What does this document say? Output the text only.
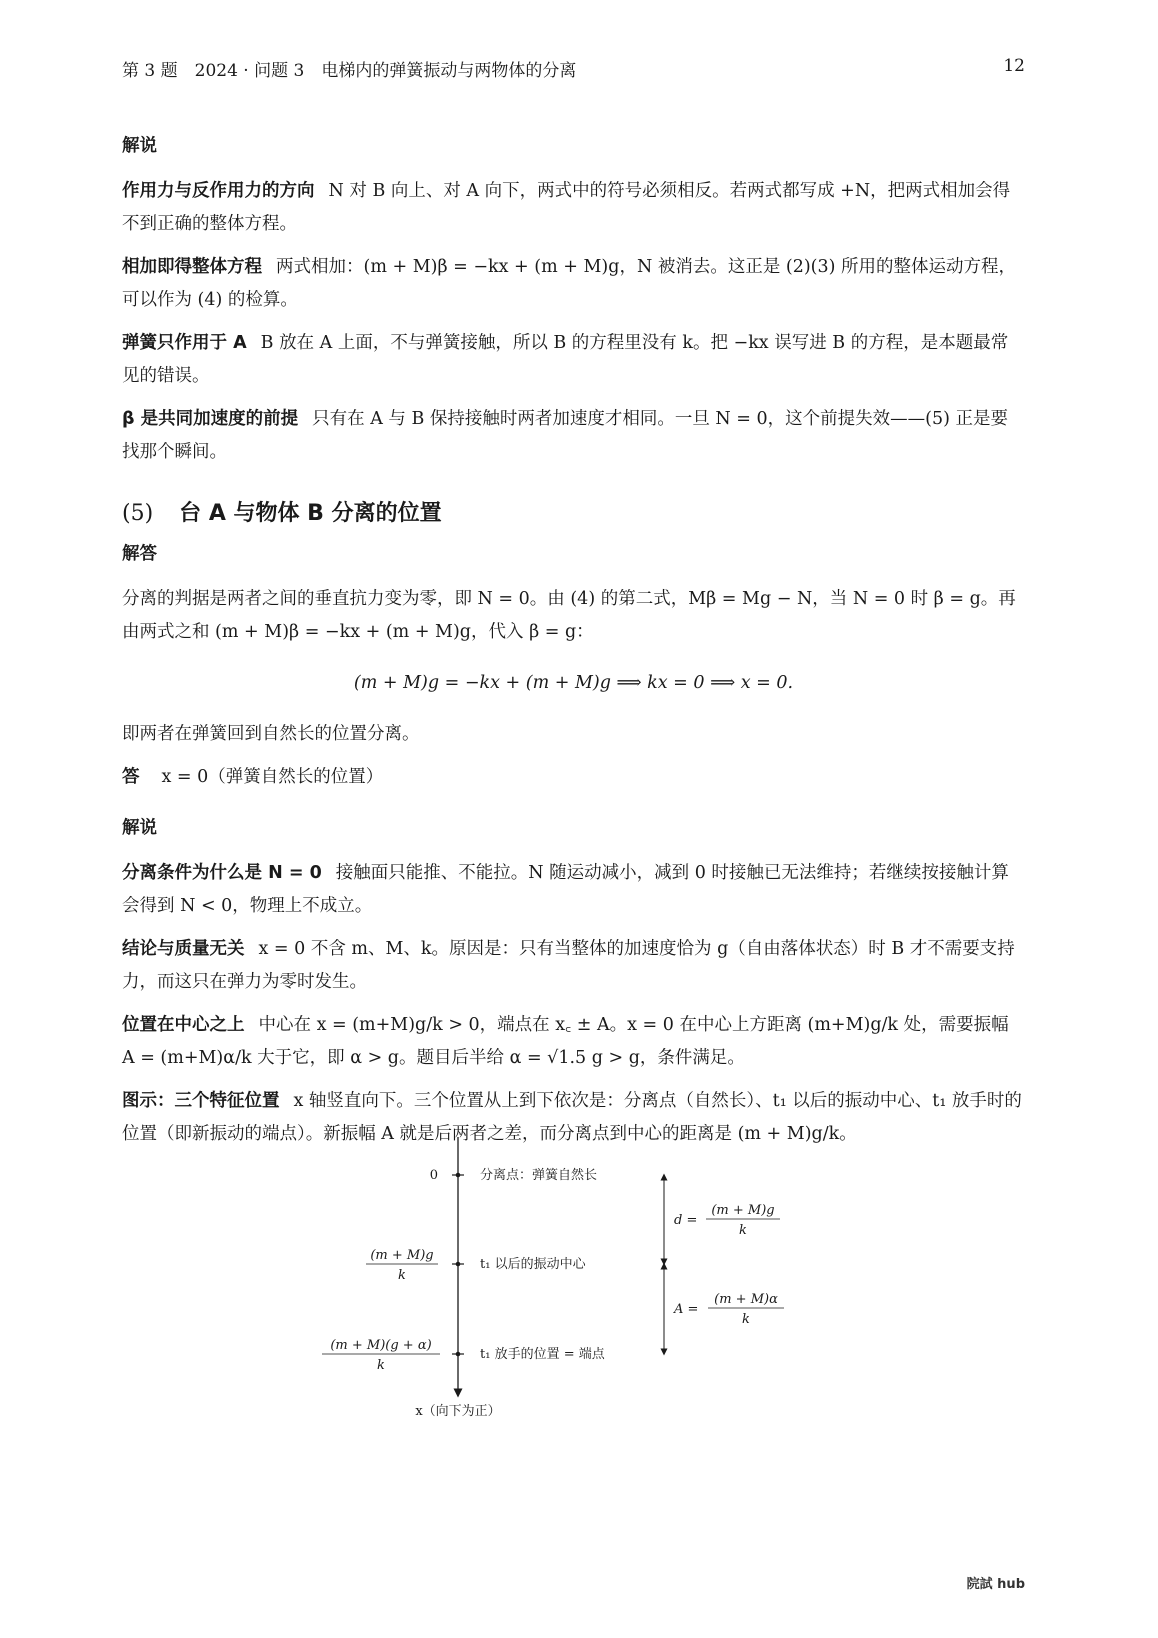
第 3 题　2024 · 问题 3　电梯内的弹簧振动与两物体的分离	12
解说

作用力与反作用力的方向 N 对 B 向上、对 A 向下，两式中的符号必须相反。若两式都写成 +N，把两式相加会得不到正确的整体方程。

相加即得整体方程 两式相加：(m + M)β = −kx + (m + M)g，N 被消去。这正是 (2)(3) 所用的整体运动方程，可以作为 (4) 的检算。

弹簧只作用于 A B 放在 A 上面，不与弹簧接触，所以 B 的方程里没有 k。把 −kx 误写进 B 的方程，是本题最常见的错误。

β 是共同加速度的前提 只有在 A 与 B 保持接触时两者加速度才相同。一旦 N = 0，这个前提失效——(5) 正是要找那个瞬间。

(5) 台 A 与物体 B 分离的位置
解答

分离的判据是两者之间的垂直抗力变为零，即 N = 0。由 (4) 的第二式，Mβ = Mg − N，当 N = 0 时 β = g。再由两式之和 (m + M)β = −kx + (m + M)g，代入 β = g：

(m + M)g = −kx + (m + M)g ⟹ kx = 0 ⟹ x = 0.

即两者在弹簧回到自然长的位置分离。

答 x = 0（弹簧自然长的位置）
解说

分离条件为什么是 N = 0 接触面只能推、不能拉。N 随运动减小，减到 0 时接触已无法维持；若继续按接触计算会得到 N < 0，物理上不成立。

结论与质量无关 x = 0 不含 m、M、k。原因是：只有当整体的加速度恰为 g（自由落体状态）时 B 才不需要支持力，而这只在弹力为零时发生。

位置在中心之上 中心在 x = (m+M)g/k > 0，端点在 x꜀ ± A。x = 0 在中心上方距离 (m+M)g/k 处，需要振幅 A = (m+M)α/k 大于它，即 α > g。题目后半给 α = √1.5 g > g，条件满足。

图示：三个特征位置 x 轴竖直向下。三个位置从上到下依次是：分离点（自然长）、t₁ 以后的振动中心、t₁ 放手时的位置（即新振动的端点）。新振幅 A 就是后两者之差，而分离点到中心的距离是 (m + M)g/k。

0
(m + M)g
k
(m + M)(g + α)
k
分离点：弹簧自然长
t₁ 以后的振动中心
t₁ 放手的位置 = 端点
d =
(m + M)g
k
A =
(m + M)α
k
x（向下为正）
院試 hub
